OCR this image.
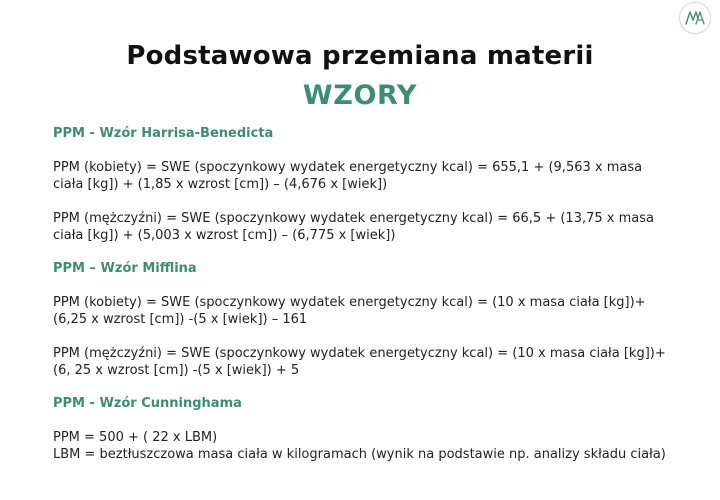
Podstawowa przemiana materii
WZORY
PPM - Wzór Harrisa-Benedicta

PPM (kobiety) = SWE (spoczynkowy wydatek energetyczny kcal) = 655,1 + (9,563 x masa ciała [kg]) + (1,85 x wzrost [cm]) – (4,676 x [wiek])

PPM (mężczyźni) = SWE (spoczynkowy wydatek energetyczny kcal) = 66,5 + (13,75 x masa ciała [kg]) + (5,003 x wzrost [cm]) – (6,775 x [wiek])

PPM – Wzór Mifflina

PPM (kobiety) = SWE (spoczynkowy wydatek energetyczny kcal) = (10 x masa ciała [kg])+(6,25 x wzrost [cm]) -(5 x [wiek]) – 161

PPM (mężczyźni) = SWE (spoczynkowy wydatek energetyczny kcal) = (10 x masa ciała [kg])+(6, 25 x wzrost [cm]) -(5 x [wiek]) + 5

PPM - Wzór Cunninghama

PPM = 500 + ( 22 x LBM)

LBM = beztłuszczowa masa ciała w kilogramach (wynik na podstawie np. analizy składu ciała)
